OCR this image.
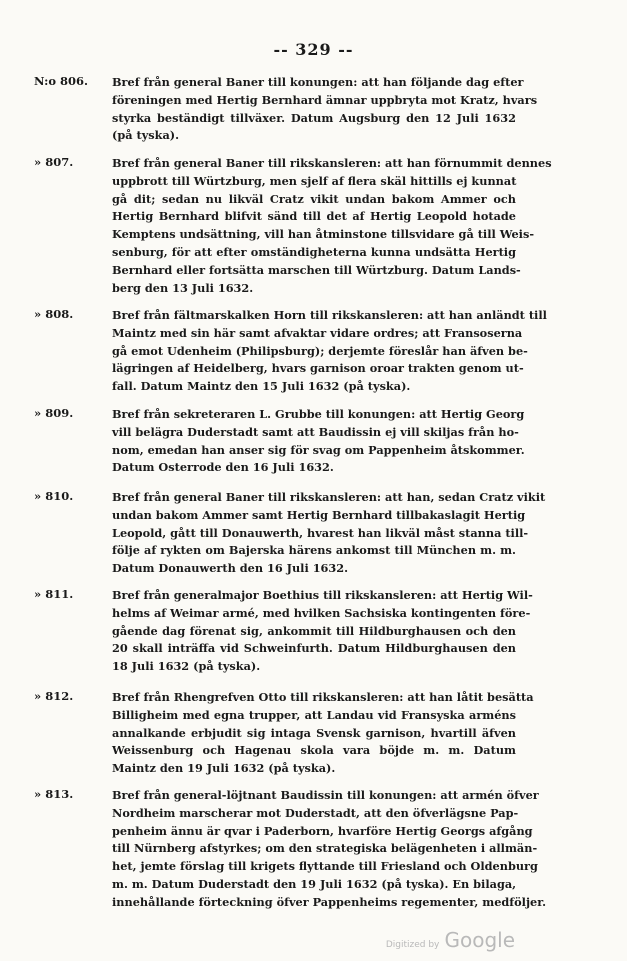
-- 329 --
N:o 806.	Bref från general Baner till konungen: att han följande dag efter
föreningen med Hertig Bernhard ämnar uppbryta mot Kratz, hvars
styrka beständigt tillväxer. Datum Augsburg den 12 Juli 1632
(på tyska).
» 807.	Bref från general Baner till rikskansleren: att han förnummit dennes
uppbrott till Würtzburg, men sjelf af flera skäl hittills ej kunnat
gå dit; sedan nu likväl Cratz vikit undan bakom Ammer och
Hertig Bernhard blifvit sänd till det af Hertig Leopold hotade
Kemptens undsättning, vill han åtminstone tillsvidare gå till Weis-
senburg, för att efter omständigheterna kunna undsätta Hertig
Bernhard eller fortsätta marschen till Würtzburg. Datum Lands-
berg den 13 Juli 1632.
» 808.	Bref från fältmarskalken Horn till rikskansleren: att han anländt till
Maintz med sin här samt afvaktar vidare ordres; att Fransoserna
gå emot Udenheim (Philipsburg); derjemte föreslår han äfven be-
lägringen af Heidelberg, hvars garnison oroar trakten genom ut-
fall. Datum Maintz den 15 Juli 1632 (på tyska).
» 809.	Bref från sekreteraren L. Grubbe till konungen: att Hertig Georg
vill belägra Duderstadt samt att Baudissin ej vill skiljas från ho-
nom, emedan han anser sig för svag om Pappenheim åtskommer.
Datum Osterrode den 16 Juli 1632.
» 810.	Bref från general Baner till rikskansleren: att han, sedan Cratz vikit
undan bakom Ammer samt Hertig Bernhard tillbakaslagit Hertig
Leopold, gått till Donauwerth, hvarest han likväl måst stanna till-
följe af rykten om Bajerska härens ankomst till München m. m.
Datum Donauwerth den 16 Juli 1632.
» 811.	Bref från generalmajor Boethius till rikskansleren: att Hertig Wil-
helms af Weimar armé, med hvilken Sachsiska kontingenten före-
gående dag förenat sig, ankommit till Hildburghausen och den
20 skall inträffa vid Schweinfurth. Datum Hildburghausen den
18 Juli 1632 (på tyska).
» 812.	Bref från Rhengrefven Otto till rikskansleren: att han låtit besätta
Billigheim med egna trupper, att Landau vid Fransyska arméns
annalkande erbjudit sig intaga Svensk garnison, hvartill äfven
Weissenburg och Hagenau skola vara böjde m. m. Datum
Maintz den 19 Juli 1632 (på tyska).
» 813.	Bref från general-löjtnant Baudissin till konungen: att armén öfver
Nordheim marscherar mot Duderstadt, att den öfverlägsne Pap-
penheim ännu är qvar i Paderborn, hvarföre Hertig Georgs afgång
till Nürnberg afstyrkes; om den strategiska belägenheten i allmän-
het, jemte förslag till krigets flyttande till Friesland och Oldenburg
m. m. Datum Duderstadt den 19 Juli 1632 (på tyska). En bilaga,
innehållande förteckning öfver Pappenheims regementer, medföljer.
Digitized by Google
